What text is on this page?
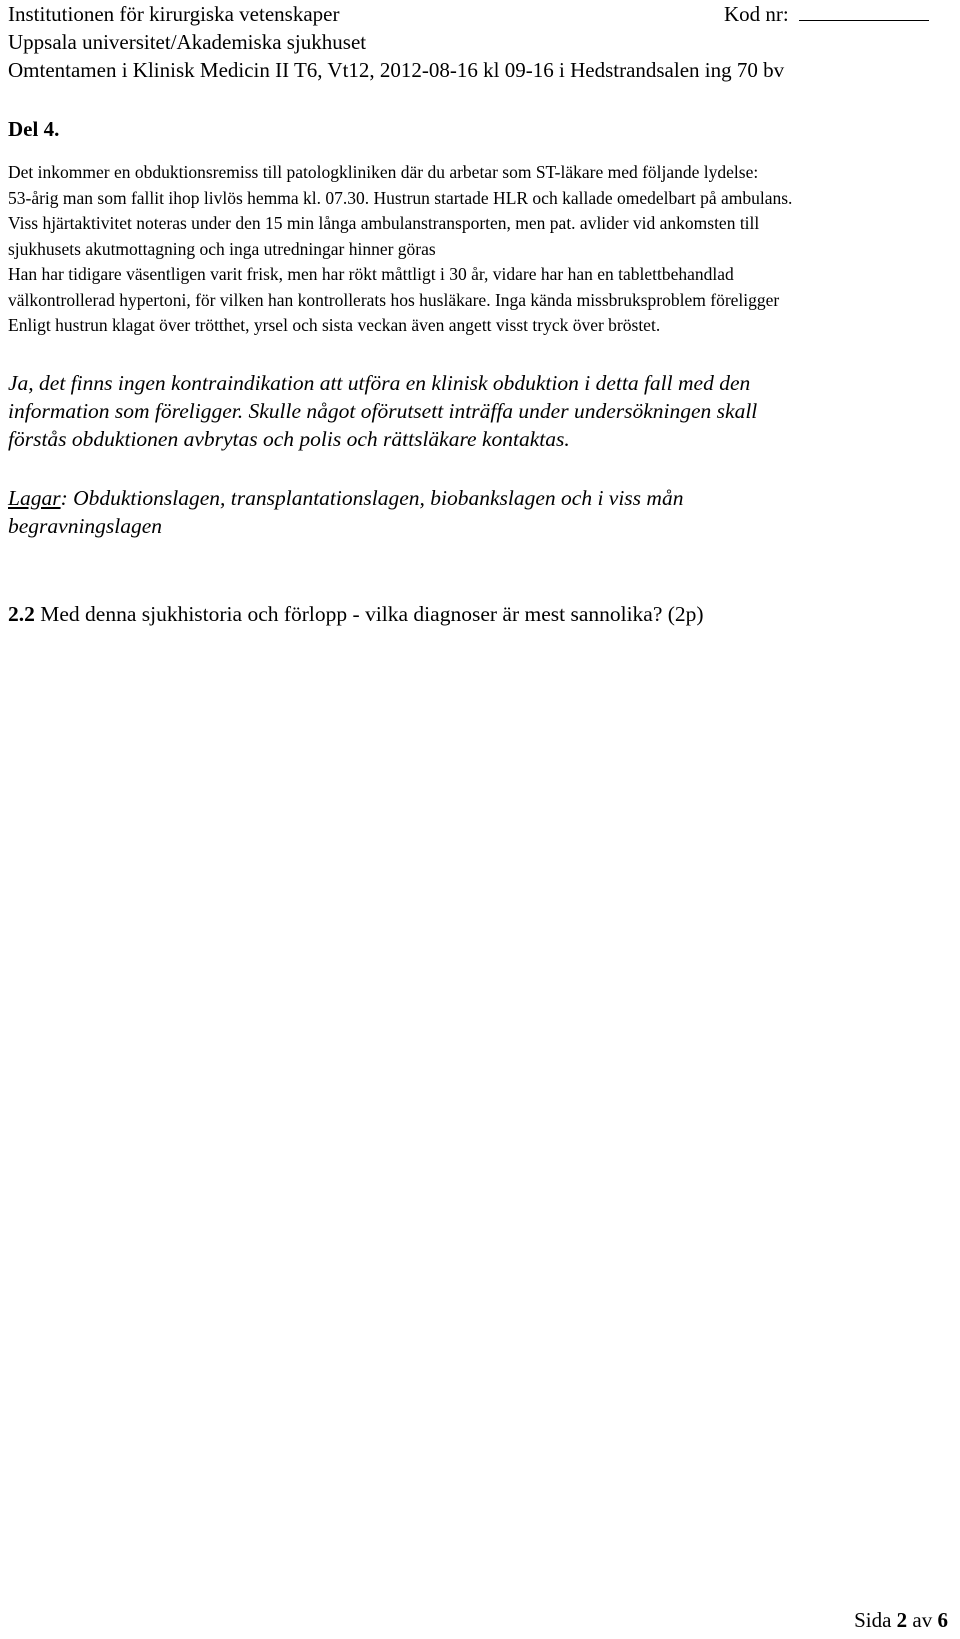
Institutionen för kirurgiska vetenskaper	Kod nr:
Uppsala universitet/Akademiska sjukhuset
Omtentamen i Klinisk Medicin II T6, Vt12, 2012-08-16 kl 09-16 i Hedstrandsalen ing 70 bv
Del 4.
Det inkommer en obduktionsremiss till patologkliniken där du arbetar som ST-läkare med följande lydelse:
53-årig man som fallit ihop livlös hemma kl. 07.30. Hustrun startade HLR och kallade omedelbart på ambulans.
Viss hjärtaktivitet noteras under den 15 min långa ambulanstransporten, men pat. avlider vid ankomsten till
sjukhusets akutmottagning och inga utredningar hinner göras
Han har tidigare väsentligen varit frisk, men har rökt måttligt i 30 år, vidare har han en tablettbehandlad
välkontrollerad hypertoni, för vilken han kontrollerats hos husläkare. Inga kända missbruksproblem föreligger
Enligt hustrun klagat över trötthet, yrsel och sista veckan även angett visst tryck över bröstet.
Ja, det finns ingen kontraindikation att utföra en klinisk obduktion i detta fall med den
information som föreligger. Skulle något oförutsett inträffa under undersökningen skall
förstås obduktionen avbrytas och polis och rättsläkare kontaktas.
Lagar: Obduktionslagen, transplantationslagen, biobankslagen och i viss mån
begravningslagen
2.2 Med denna sjukhistoria och förlopp - vilka diagnoser är mest sannolika? (2p)
Sida 2 av 6
